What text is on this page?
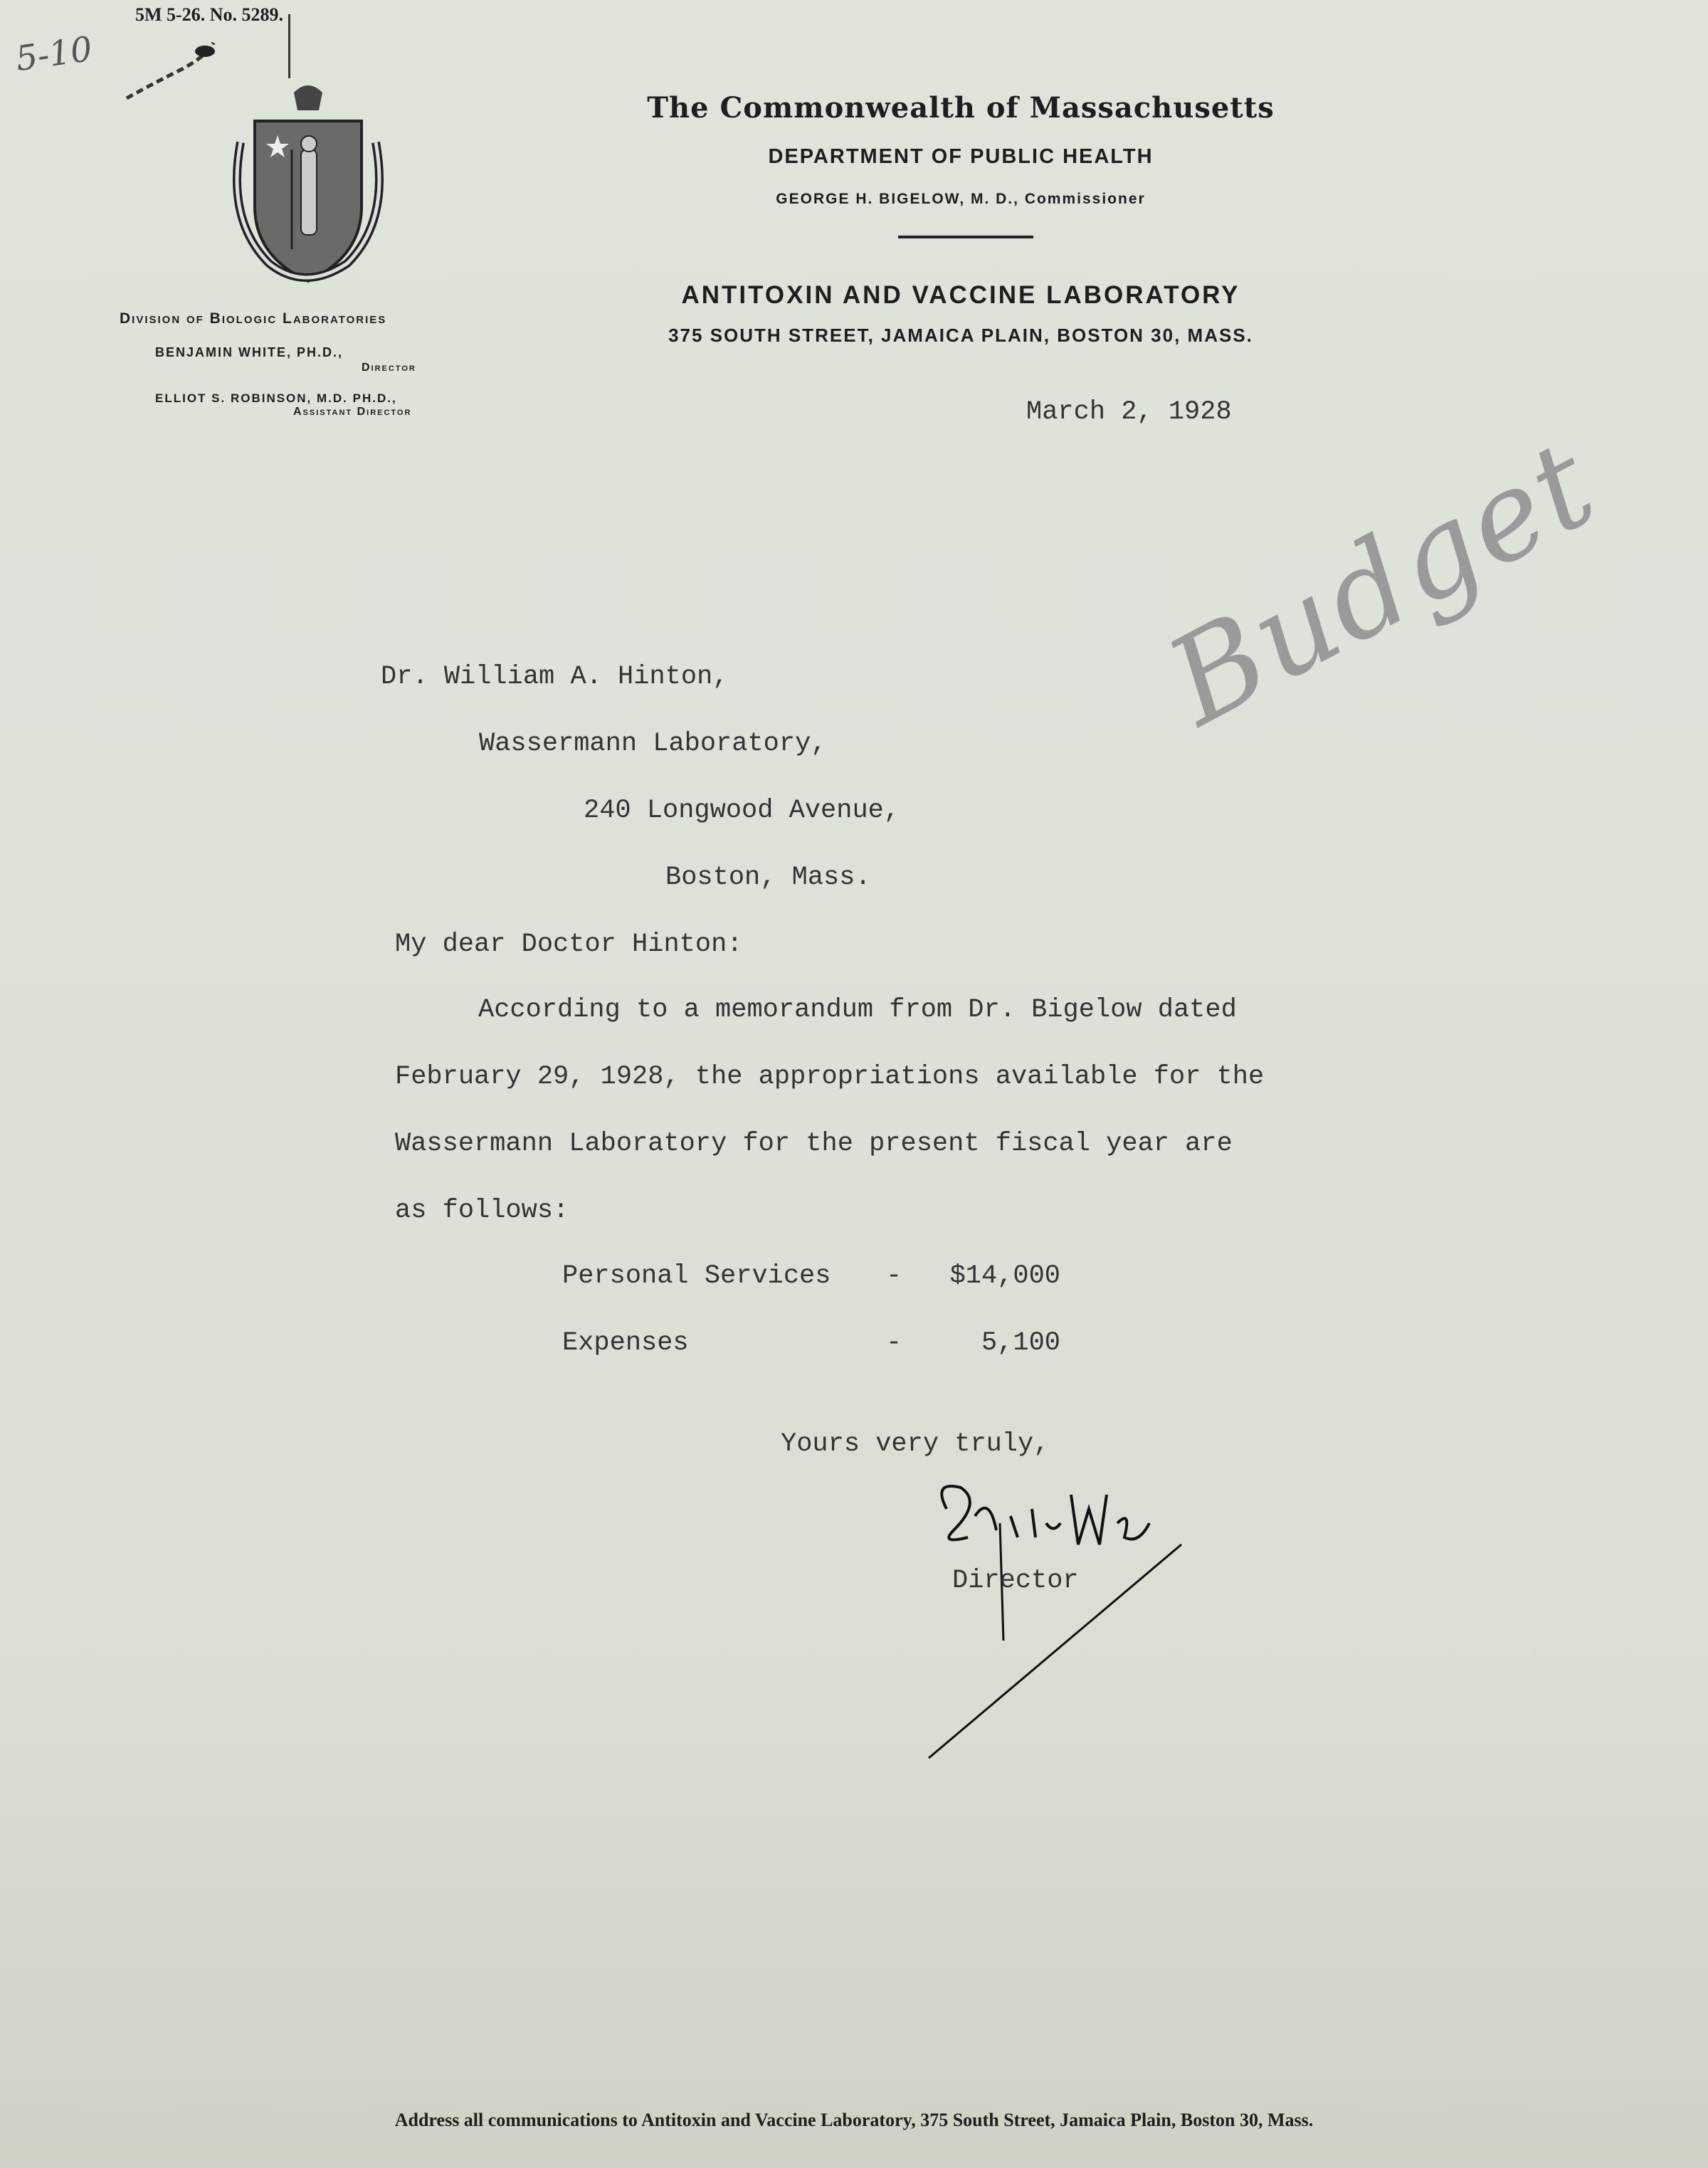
5M 5-26. No. 5289.
5-10
Division of Biologic Laboratories
BENJAMIN WHITE, PH.D.,
Director
ELLIOT S. ROBINSON, M.D. PH.D.,
Assistant Director
The Commonwealth of Massachusetts
DEPARTMENT OF PUBLIC HEALTH
GEORGE H. BIGELOW, M. D., Commissioner
ANTITOXIN AND VACCINE LABORATORY
375 SOUTH STREET, JAMAICA PLAIN, BOSTON 30, MASS.
March 2, 1928
Budget
Dr. William A. Hinton,
Wassermann Laboratory,
240 Longwood Avenue,
Boston, Mass.
My dear Doctor Hinton:
According to a memorandum from Dr. Bigelow dated
February 29, 1928, the appropriations available for the
Wassermann Laboratory for the present fiscal year are
as follows:
Personal Services -	$14,000
Expenses	-	5,100
Yours very truly,
Director
Address all communications to Antitoxin and Vaccine Laboratory, 375 South Street, Jamaica Plain, Boston 30, Mass.
